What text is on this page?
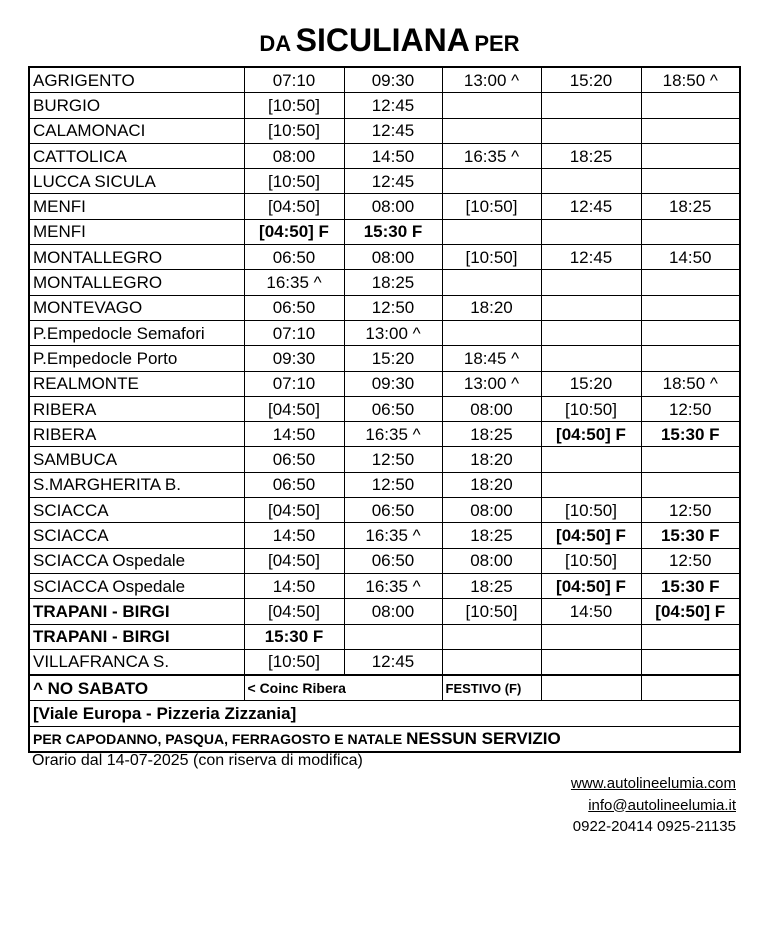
DA SICULIANA PER
AGRIGENTO	07:10	09:30	13:00 ^	15:20	18:50 ^
BURGIO	[10:50]	12:45			
CALAMONACI	[10:50]	12:45			
CATTOLICA	08:00	14:50	16:35 ^	18:25	
LUCCA SICULA	[10:50]	12:45			
MENFI	[04:50]	08:00	[10:50]	12:45	18:25
MENFI	[04:50] F	15:30 F			
MONTALLEGRO	06:50	08:00	[10:50]	12:45	14:50
MONTALLEGRO	16:35 ^	18:25			
MONTEVAGO	06:50	12:50	18:20		
P.Empedocle Semafori	07:10	13:00 ^			
P.Empedocle Porto	09:30	15:20	18:45 ^		
REALMONTE	07:10	09:30	13:00 ^	15:20	18:50 ^
RIBERA	[04:50]	06:50	08:00	[10:50]	12:50
RIBERA	14:50	16:35 ^	18:25	[04:50] F	15:30 F
SAMBUCA	06:50	12:50	18:20		
S.MARGHERITA B.	06:50	12:50	18:20		
SCIACCA	[04:50]	06:50	08:00	[10:50]	12:50
SCIACCA	14:50	16:35 ^	18:25	[04:50] F	15:30 F
SCIACCA Ospedale	[04:50]	06:50	08:00	[10:50]	12:50
SCIACCA Ospedale	14:50	16:35 ^	18:25	[04:50] F	15:30 F
TRAPANI - BIRGI	[04:50]	08:00	[10:50]	14:50	[04:50] F
TRAPANI - BIRGI	15:30 F				
VILLAFRANCA S.	[10:50]	12:45			
^ NO SABATO	< Coinc Ribera		FESTIVO (F)		
[Viale Europa - Pizzeria Zizzania]					
PER CAPODANNO, PASQUA, FERRAGOSTO E NATALE NESSUN SERVIZIO					
Orario dal 14-07-2025 (con riserva di modifica)
www.autolineelumia.com
info@autolineelumia.it
0922-20414 0925-21135
